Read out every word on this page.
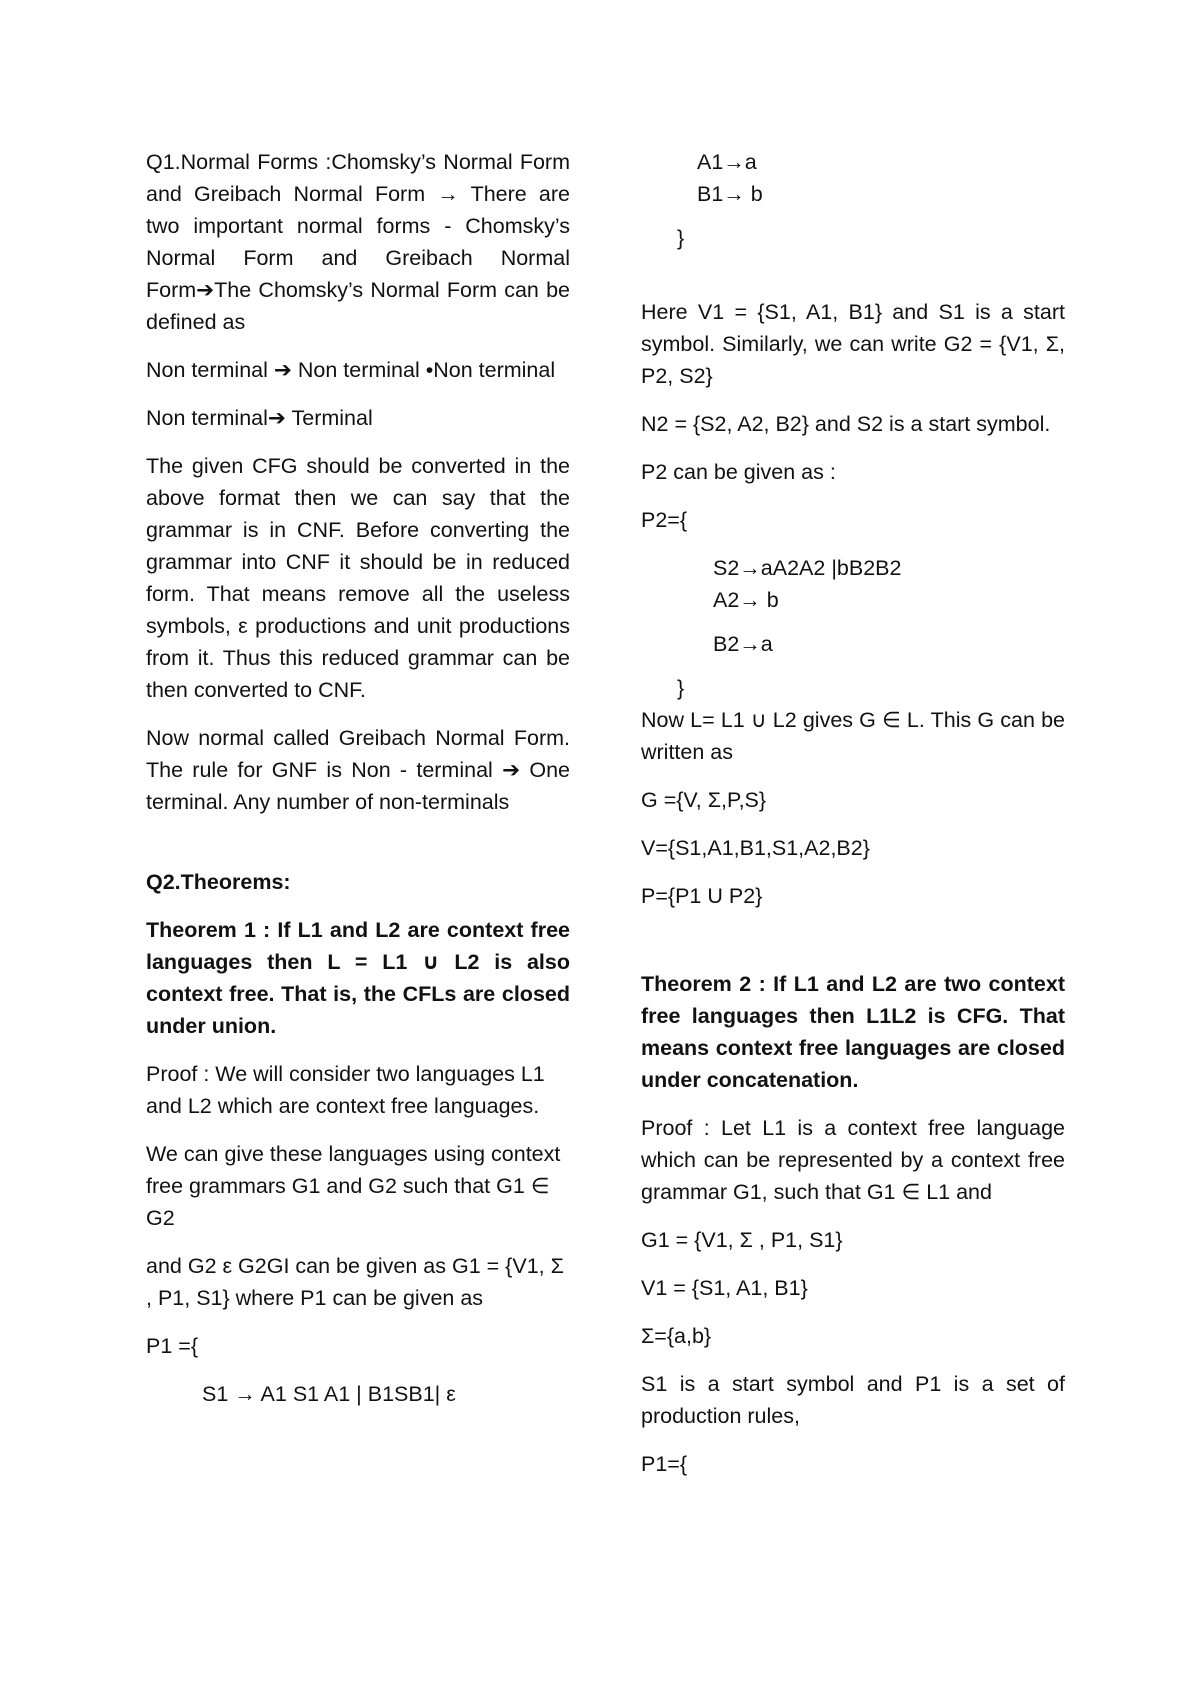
Q1.Normal Forms :Chomsky’s Normal Form and Greibach Normal Form → There are two important normal forms - Chomsky’s Normal Form and Greibach Normal Form➔The Chomsky’s Normal Form can be defined as

Non terminal ➔ Non terminal •Non terminal

Non terminal➔ Terminal

The given CFG should be converted in the above format then we can say that the grammar is in CNF. Before converting the grammar into CNF it should be in reduced form. That means remove all the useless symbols, ε productions and unit productions from it. Thus this reduced grammar can be then converted to CNF.

Now normal called Greibach Normal Form. The rule for GNF is Non - terminal ➔ One terminal. Any number of non-terminals

Q2.Theorems:

Theorem 1 : If L1 and L2 are context free languages then L = L1 ∪ L2 is also context free. That is, the CFLs are closed under union.

Proof : We will consider two languages L1 and L2 which are context free languages.

We can give these languages using context free grammars G1 and G2 such that G1 ∈ G2

and G2 ε G2GI can be given as G1 = {V1, Σ , P1, S1} where P1 can be given as

P1 ={

S1 → A1 S1 A1 | B1SB1| ε

A1→a

B1→ b

}

Here V1 = {S1, A1, B1} and S1 is a start symbol. Similarly, we can write G2 = {V1, Σ, P2, S2}

N2 = {S2, A2, B2} and S2 is a start symbol.

P2 can be given as :

P2={

S2→aA2A2 |bB2B2

A2→ b

B2→a

}

Now L= L1 ∪ L2 gives G ∈ L. This G can be written as

G ={V, Σ,P,S}

V={S1,A1,B1,S1,A2,B2}

P={P1 U P2}

Theorem 2 : If L1 and L2 are two context free languages then L1L2 is CFG. That means context free languages are closed under concatenation.

Proof : Let L1 is a context free language which can be represented by a context free grammar G1, such that G1 ∈ L1 and

G1 = {V1, Σ , P1, S1}

V1 = {S1, A1, B1}

Σ={a,b}

S1 is a start symbol and P1 is a set of production rules,

P1={
